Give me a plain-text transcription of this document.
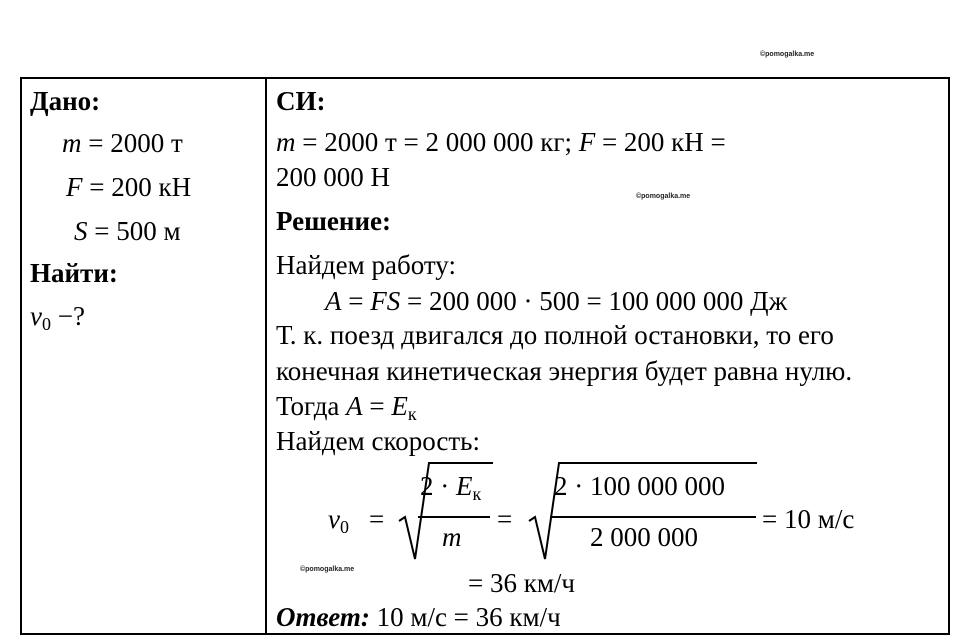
©pomogalka.me
©pomogalka.me
©pomogalka.me
Дано:
m = 2000 т
F = 200 кН
S = 500 м
Найти:
$v_0$ −?
СИ:
m = 2000 т = 2 000 000 кг; F = 200 кН =
200 000 Н
Решение:
Найдем работу:
A = FS = 200 000 · 500 = 100 000 000 Дж
Т. к. поезд двигался до полной остановки, то его
конечная кинетическая энергия будет равна нулю.
Тогда $A = E_к$
Найдем скорость:
$v_0$ =
$2 \cdot E_к$
m
=
2 · 100 000 000
2 000 000
= 10 м/с
= 36 км/ч
Ответ: 10 м/с = 36 км/ч
